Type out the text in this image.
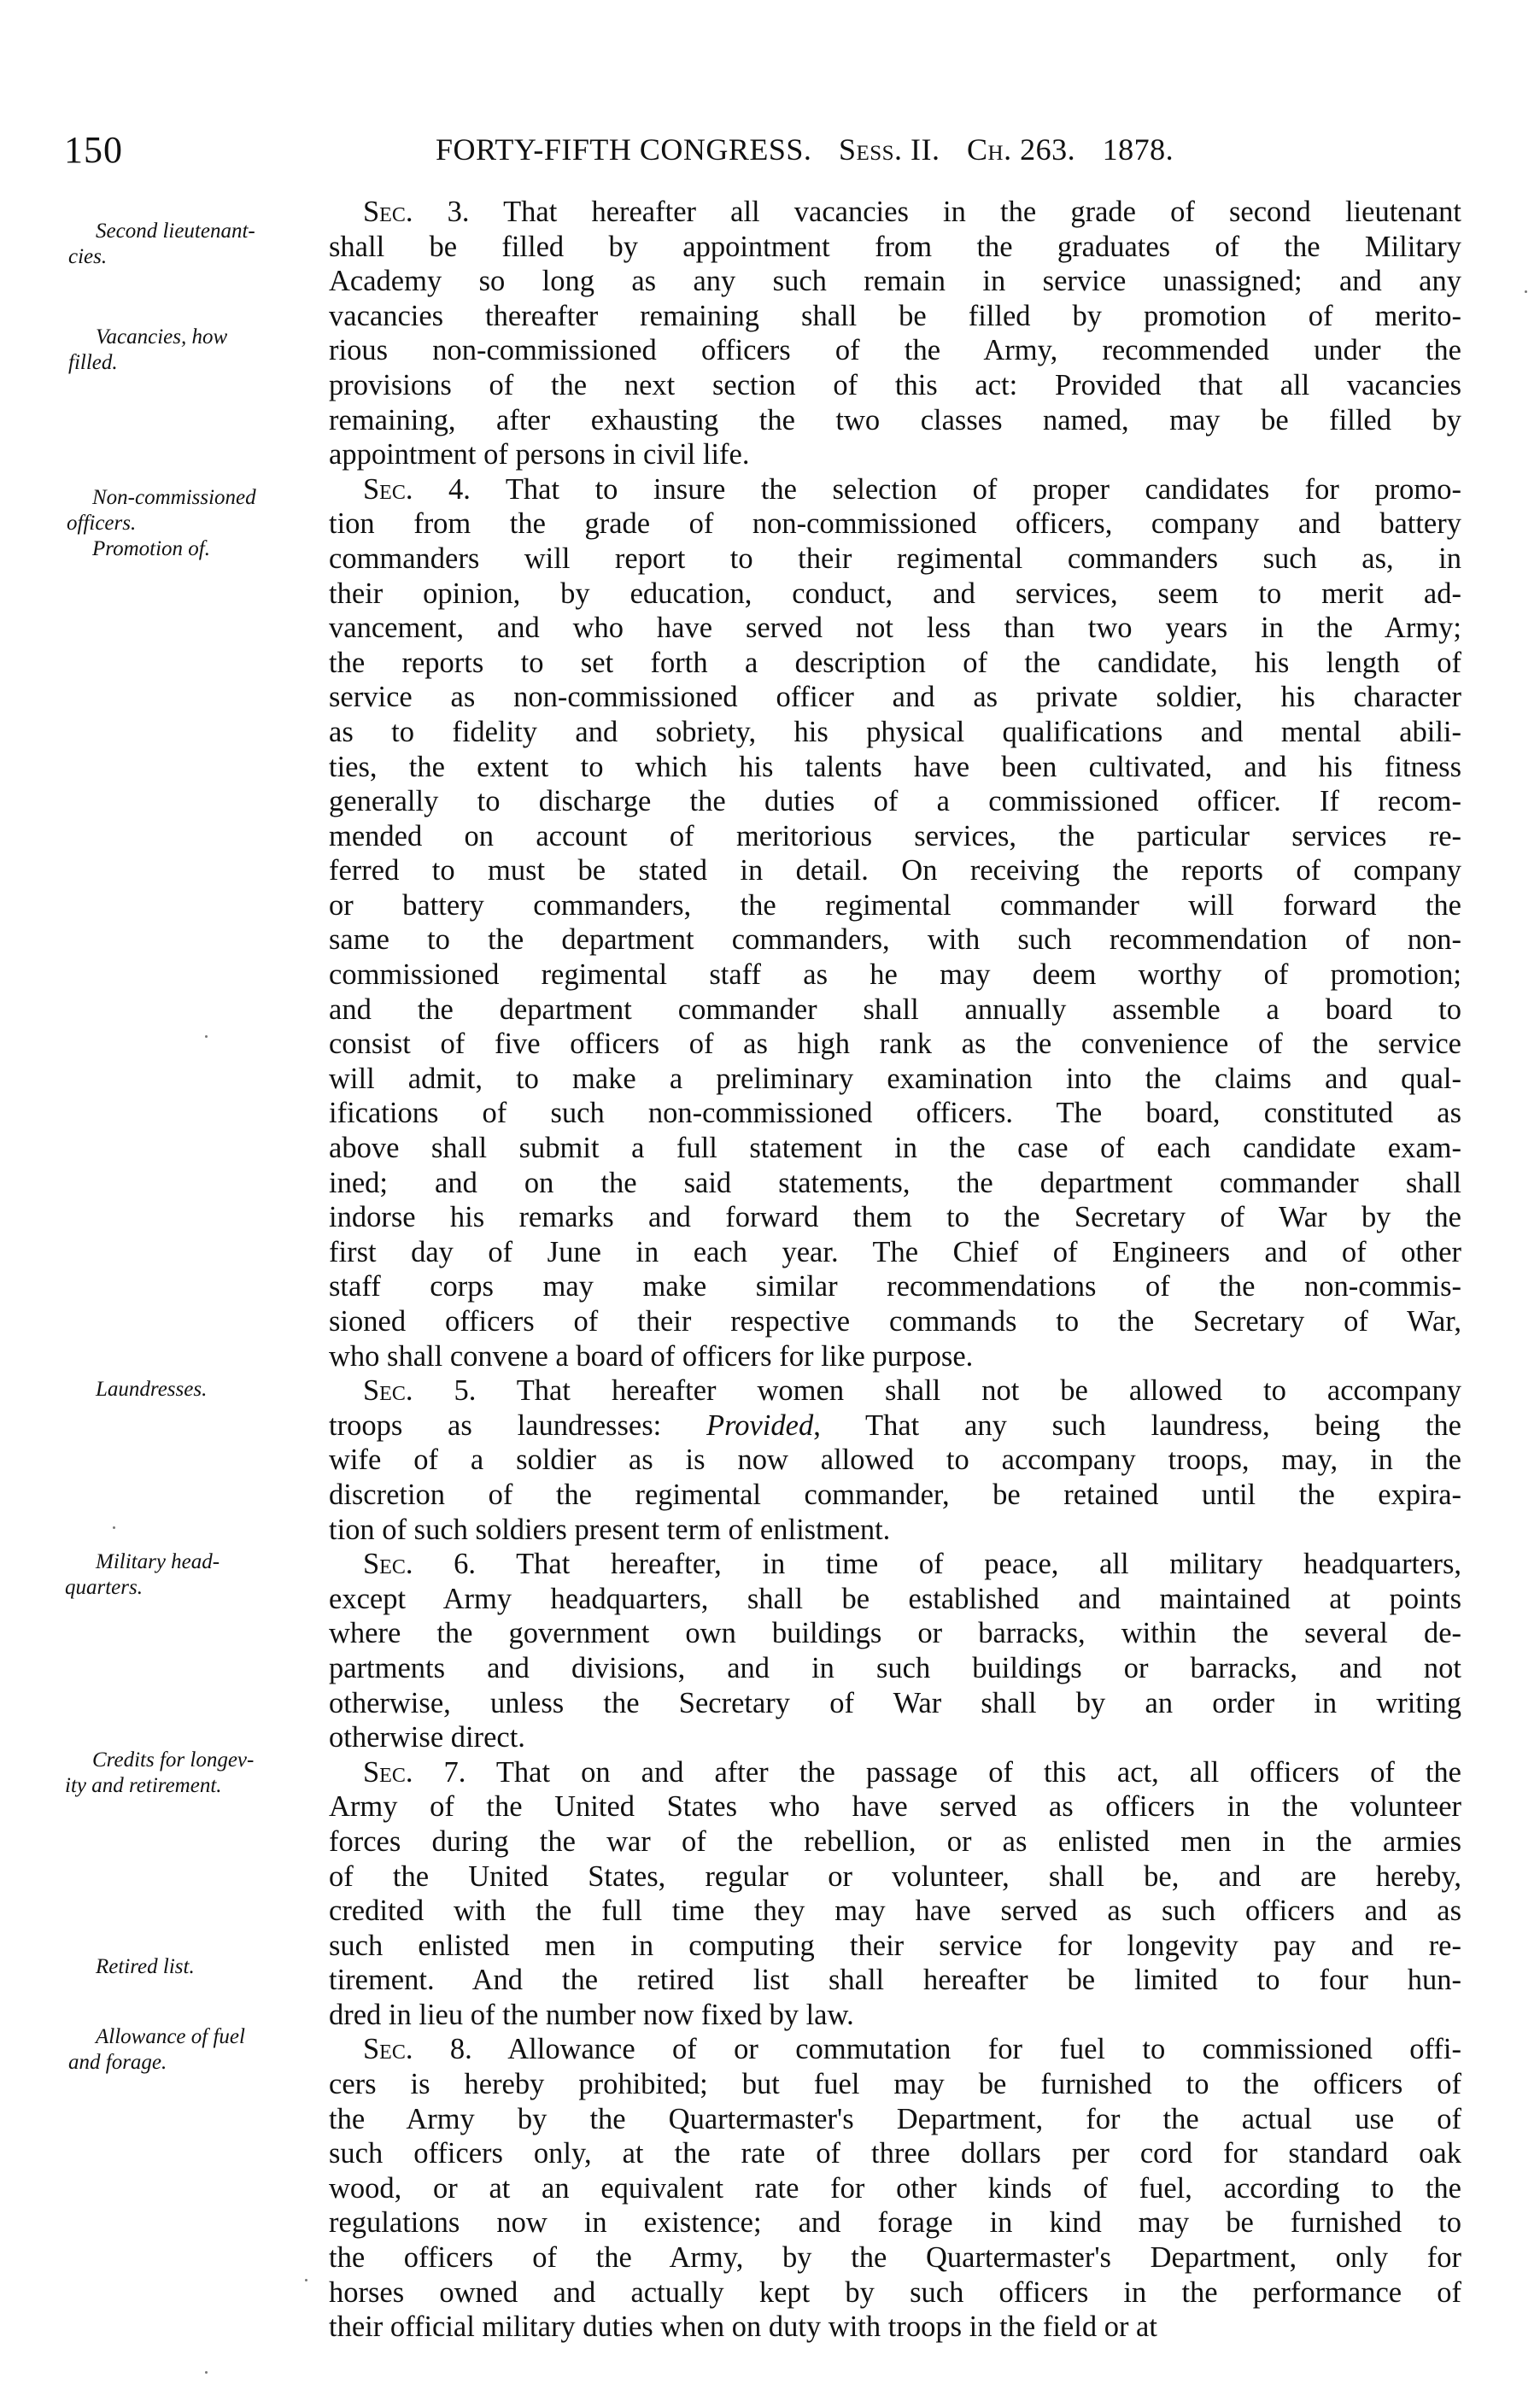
150	FORTY-FIFTH CONGRESS. Sess. II. Ch. 263. 1878.
Second lieutenant-
cies.
Vacancies, how
filled.
Non-commissioned
officers.
Promotion of.
Laundresses.
Military head-
quarters.
Credits for longev-
ity and retirement.
Retired list.
Allowance of fuel
and forage.
Sec. 3. That hereafter all vacancies in the grade of second lieutenant
shall be filled by appointment from the graduates of the Military
Academy so long as any such remain in service unassigned; and any
vacancies thereafter remaining shall be filled by promotion of merito-
rious non-commissioned officers of the Army, recommended under the
provisions of the next section of this act: Provided that all vacancies
remaining, after exhausting the two classes named, may be filled by
appointment of persons in civil life.
Sec. 4. That to insure the selection of proper candidates for promo-
tion from the grade of non-commissioned officers, company and battery
commanders will report to their regimental commanders such as, in
their opinion, by education, conduct, and services, seem to merit ad-
vancement, and who have served not less than two years in the Army;
the reports to set forth a description of the candidate, his length of
service as non-commissioned officer and as private soldier, his character
as to fidelity and sobriety, his physical qualifications and mental abili-
ties, the extent to which his talents have been cultivated, and his fitness
generally to discharge the duties of a commissioned officer. If recom-
mended on account of meritorious services, the particular services re-
ferred to must be stated in detail. On receiving the reports of company
or battery commanders, the regimental commander will forward the
same to the department commanders, with such recommendation of non-
commissioned regimental staff as he may deem worthy of promotion;
and the department commander shall annually assemble a board to
consist of five officers of as high rank as the convenience of the service
will admit, to make a preliminary examination into the claims and qual-
ifications of such non-commissioned officers. The board, constituted as
above shall submit a full statement in the case of each candidate exam-
ined; and on the said statements, the department commander shall
indorse his remarks and forward them to the Secretary of War by the
first day of June in each year. The Chief of Engineers and of other
staff corps may make similar recommendations of the non-commis-
sioned officers of their respective commands to the Secretary of War,
who shall convene a board of officers for like purpose.
Sec. 5. That hereafter women shall not be allowed to accompany
troops as laundresses: Provided, That any such laundress, being the
wife of a soldier as is now allowed to accompany troops, may, in the
discretion of the regimental commander, be retained until the expira-
tion of such soldiers present term of enlistment.
Sec. 6. That hereafter, in time of peace, all military headquarters,
except Army headquarters, shall be established and maintained at points
where the government own buildings or barracks, within the several de-
partments and divisions, and in such buildings or barracks, and not
otherwise, unless the Secretary of War shall by an order in writing
otherwise direct.
Sec. 7. That on and after the passage of this act, all officers of the
Army of the United States who have served as officers in the volunteer
forces during the war of the rebellion, or as enlisted men in the armies
of the United States, regular or volunteer, shall be, and are hereby,
credited with the full time they may have served as such officers and as
such enlisted men in computing their service for longevity pay and re-
tirement. And the retired list shall hereafter be limited to four hun-
dred in lieu of the number now fixed by law.
Sec. 8. Allowance of or commutation for fuel to commissioned offi-
cers is hereby prohibited; but fuel may be furnished to the officers of
the Army by the Quartermaster's Department, for the actual use of
such officers only, at the rate of three dollars per cord for standard oak
wood, or at an equivalent rate for other kinds of fuel, according to the
regulations now in existence; and forage in kind may be furnished to
the officers of the Army, by the Quartermaster's Department, only for
horses owned and actually kept by such officers in the performance of
their official military duties when on duty with troops in the field or at
